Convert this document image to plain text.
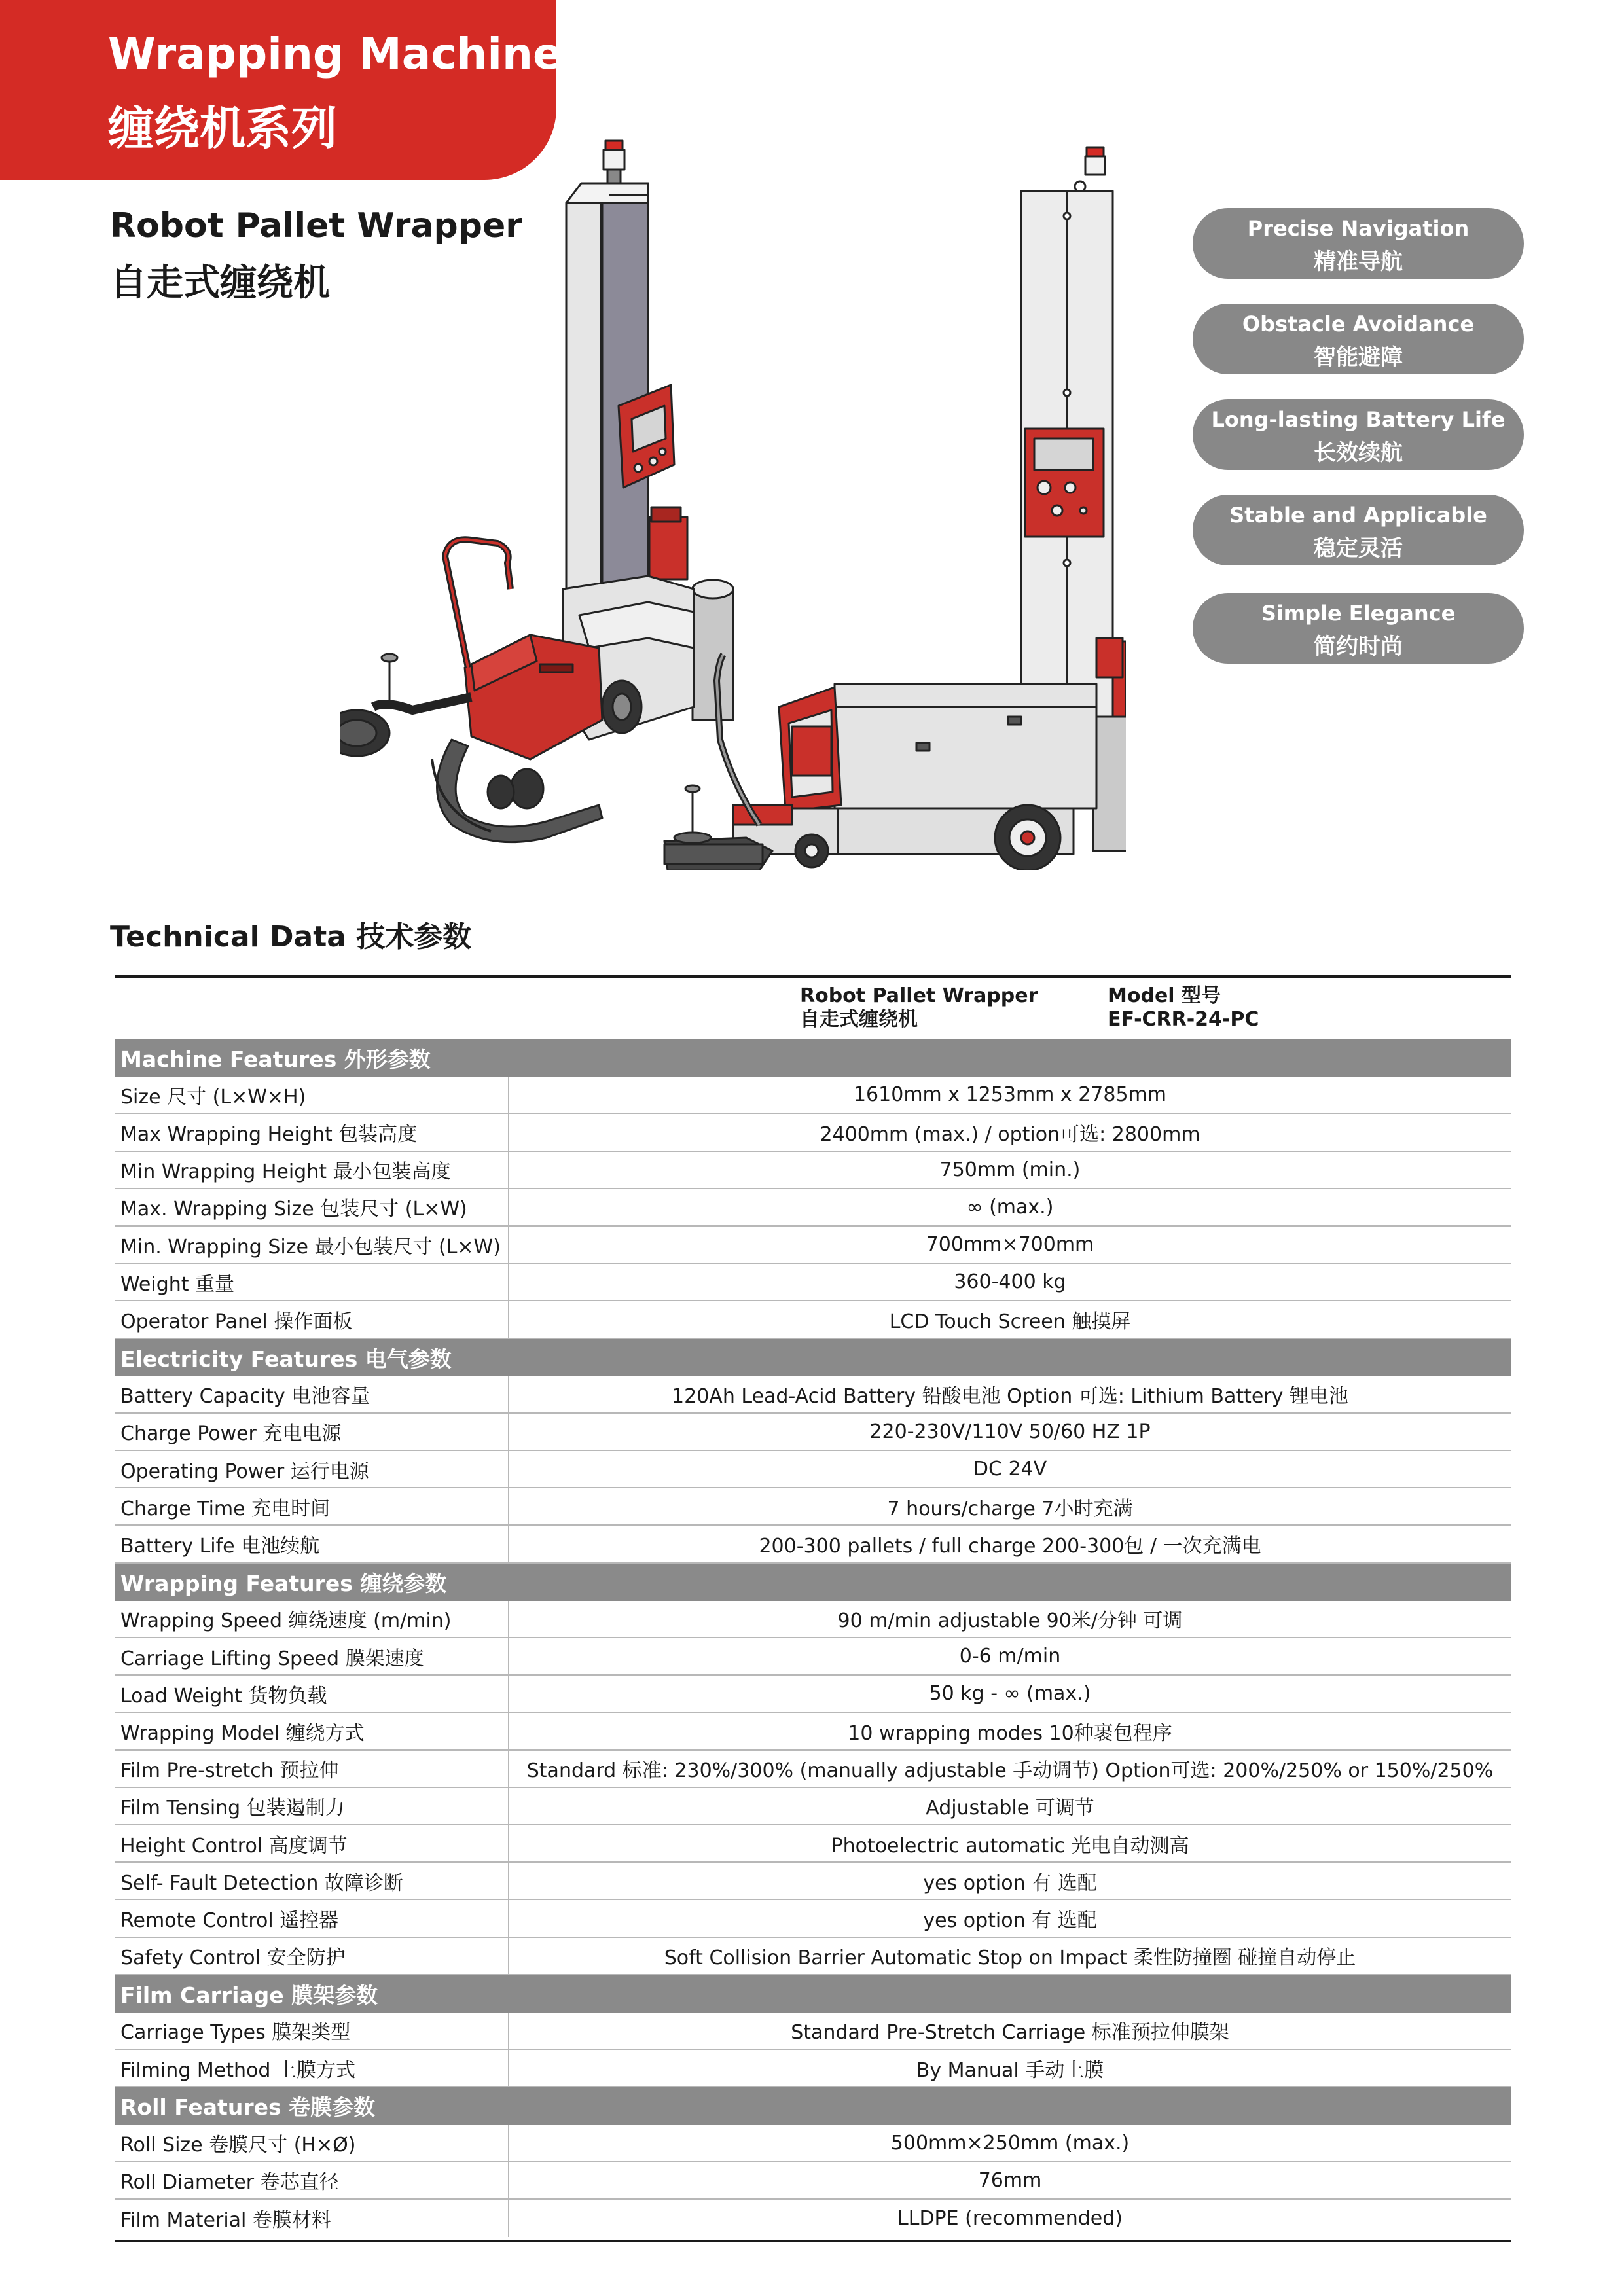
Wrapping Machine
缠绕机系列
Robot Pallet Wrapper
自走式缠绕机
Precise Navigation
精准导航
Obstacle Avoidance
智能避障
Long-lasting Battery Life
长效续航
Stable and Applicable
稳定灵活
Simple Elegance
简约时尚
Technical Data 技术参数
Robot Pallet Wrapper
自走式缠绕机
Model 型号
EF-CRR-24-PC
Machine Features 外形参数
Size 尺寸 (L×W×H)	1610mm x 1253mm x 2785mm
Max Wrapping Height 包装高度	2400mm (max.) / option可选: 2800mm
Min Wrapping Height 最小包装高度	750mm (min.)
Max. Wrapping Size 包装尺寸 (L×W)	∞ (max.)
Min. Wrapping Size 最小包装尺寸 (L×W)	700mm×700mm
Weight 重量	360-400 kg
Operator Panel 操作面板	LCD Touch Screen 触摸屏
Electricity Features 电气参数
Battery Capacity 电池容量	120Ah Lead-Acid Battery 铅酸电池 Option 可选: Lithium Battery 锂电池
Charge Power 充电电源	220-230V/110V 50/60 HZ 1P
Operating Power 运行电源	DC 24V
Charge Time 充电时间	7 hours/charge 7小时充满
Battery Life 电池续航	200-300 pallets / full charge 200-300包 / 一次充满电
Wrapping Features 缠绕参数
Wrapping Speed 缠绕速度 (m/min)	90 m/min adjustable 90米/分钟 可调
Carriage Lifting Speed 膜架速度	0-6 m/min
Load Weight 货物负载	50 kg - ∞ (max.)
Wrapping Model 缠绕方式	10 wrapping modes 10种裹包程序
Film Pre-stretch 预拉伸	Standard 标准: 230%/300% (manually adjustable 手动调节) Option可选: 200%/250% or 150%/250%
Film Tensing 包装遏制力	Adjustable 可调节
Height Control 高度调节	Photoelectric automatic 光电自动测高
Self- Fault Detection 故障诊断	yes option 有 选配
Remote Control 遥控器	yes option 有 选配
Safety Control 安全防护	Soft Collision Barrier Automatic Stop on Impact 柔性防撞圈 碰撞自动停止
Film Carriage 膜架参数
Carriage Types 膜架类型	Standard Pre-Stretch Carriage 标准预拉伸膜架
Filming Method 上膜方式	By Manual 手动上膜
Roll Features 卷膜参数
Roll Size 卷膜尺寸 (H×Ø)	500mm×250mm (max.)
Roll Diameter 卷芯直径	76mm
Film Material 卷膜材料	LLDPE (recommended)
